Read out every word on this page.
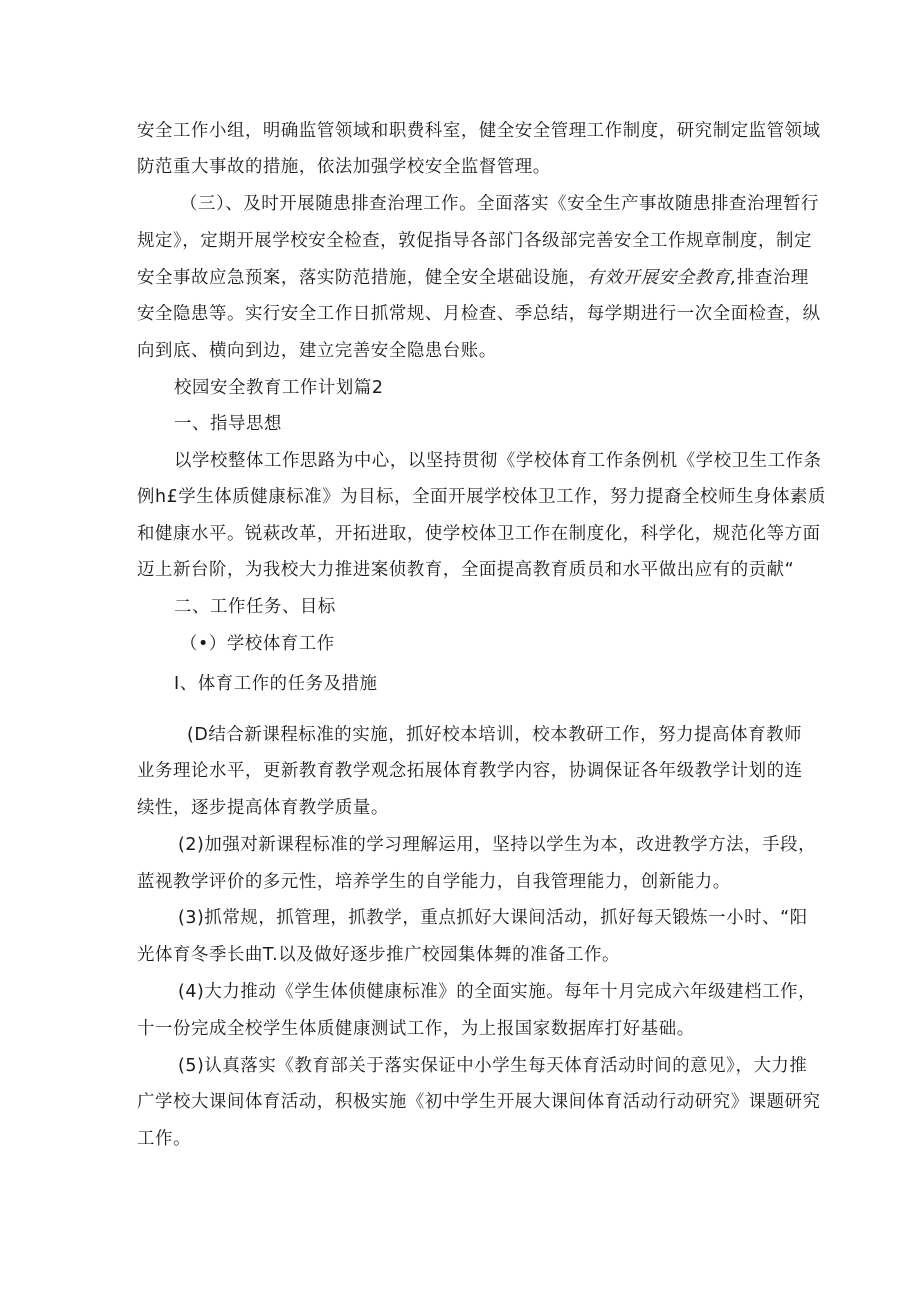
安全工作小组，明确监管领域和职费科室，健全安全管理工作制度，研究制定监管领域
防范重大事故的措施，依法加强学校安全监督管理。
（三）、及时开展随患排查治理工作。全面落实《安全生产事故随患排查治理暂行
规定》，定期开展学校安全检查，敦促指导各部门各级部完善安全工作规章制度，制定
安全事故应急预案，落实防范措施，健全安全堪础设施，有效开展安全教育,排查治理
安全隐患等。实行安全工作日抓常规、月检查、季总结，每学期进行一次全面检查，纵
向到底、横向到边，建立完善安全隐患台账。
校园安全教育工作计划篇2
一、指导思想
以学校整体工作思路为中心，以坚持贯彻《学校体育工作条例机《学校卫生工作条
例h£学生体质健康标准》为目标，全面开展学校体卫工作，努力提裔全校师生身体素质
和健康水平。锐萩改革，开拓进取，使学校体卫工作在制度化，科学化，规范化等方面
迈上新台阶，为我校大力推进案侦教育，全面提高教育质员和水平做出应有的贡献“
二、工作任务、目标
（•）学校体育工作
I、体育工作的任务及措施
(D结合新课程标准的实施，抓好校本培训，校本教研工作，努力提高体育教师
业务理论水平，更新教育教学观念拓展体育教学内容，协调保证各年级教学计划的连
续性，逐步提高体育教学质量。
(2)加强对新课程标准的学习理解运用，坚持以学生为本，改进教学方法，手段，
蓝视教学评价的多元性，培养学生的自学能力，自我管理能力，创新能力。
(3)抓常规，抓管理，抓教学，重点抓好大课间活动，抓好每天锻炼一小时、“阳
光体育冬季长曲T.以及做好逐步推广校园集体舞的准备工作。
(4)大力推动《学生体侦健康标准》的全面实施。每年十月完成六年级建档工作，
十一份完成全校学生体质健康测试工作，为上报国家数据库打好基础。
(5)认真落实《教育部关于落实保证中小学生每天体育活动时间的意见》，大力推
广学校大课间体育活动，积极实施《初中学生开展大课间体育活动行动研究》课题研究
工作。
